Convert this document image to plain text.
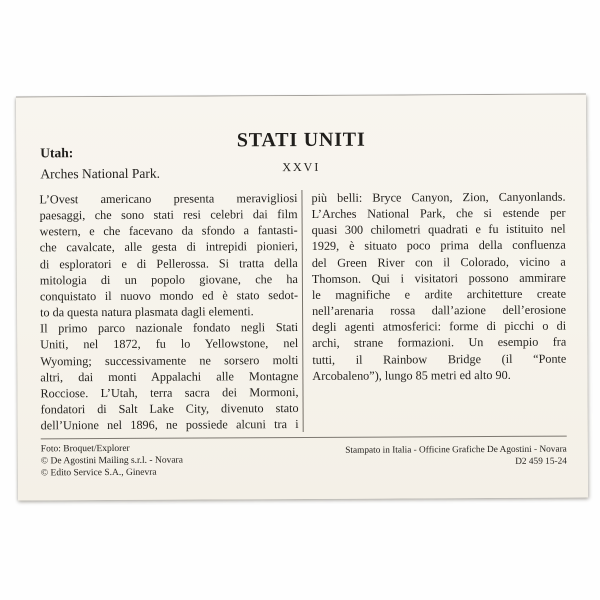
STATI UNITI
XXVI
Utah:
Arches National Park.
L’Ovest americano presenta meravigliosi
paesaggi, che sono stati resi celebri dai film
western, e che facevano da sfondo a fantasti-
che cavalcate, alle gesta di intrepidi pionieri,
di esploratori e di Pellerossa. Si tratta della
mitologia di un popolo giovane, che ha
conquistato il nuovo mondo ed è stato sedot-
to da questa natura plasmata dagli elementi.
Il primo parco nazionale fondato negli Stati
Uniti, nel 1872, fu lo Yellowstone, nel
Wyoming; successivamente ne sorsero molti
altri, dai monti Appalachi alle Montagne
Rocciose. L’Utah, terra sacra dei Mormoni,
fondatori di Salt Lake City, divenuto stato
dell’Unione nel 1896, ne possiede alcuni tra i
più belli: Bryce Canyon, Zion, Canyonlands.
L’Arches National Park, che si estende per
quasi 300 chilometri quadrati e fu istituito nel
1929, è situato poco prima della confluenza
del Green River con il Colorado, vicino a
Thomson. Qui i visitatori possono ammirare
le magnifiche e ardite architetture create
nell’arenaria rossa dall’azione dell’erosione
degli agenti atmosferici: forme di picchi o di
archi, strane formazioni. Un esempio fra
tutti, il Rainbow Bridge (il “Ponte
Arcobaleno”), lungo 85 metri ed alto 90.
Foto: Broquet/Explorer
© De Agostini Mailing s.r.l. - Novara
© Edito Service S.A., Ginevra
Stampato in Italia - Officine Grafiche De Agostini - Novara
D2 459 15-24
